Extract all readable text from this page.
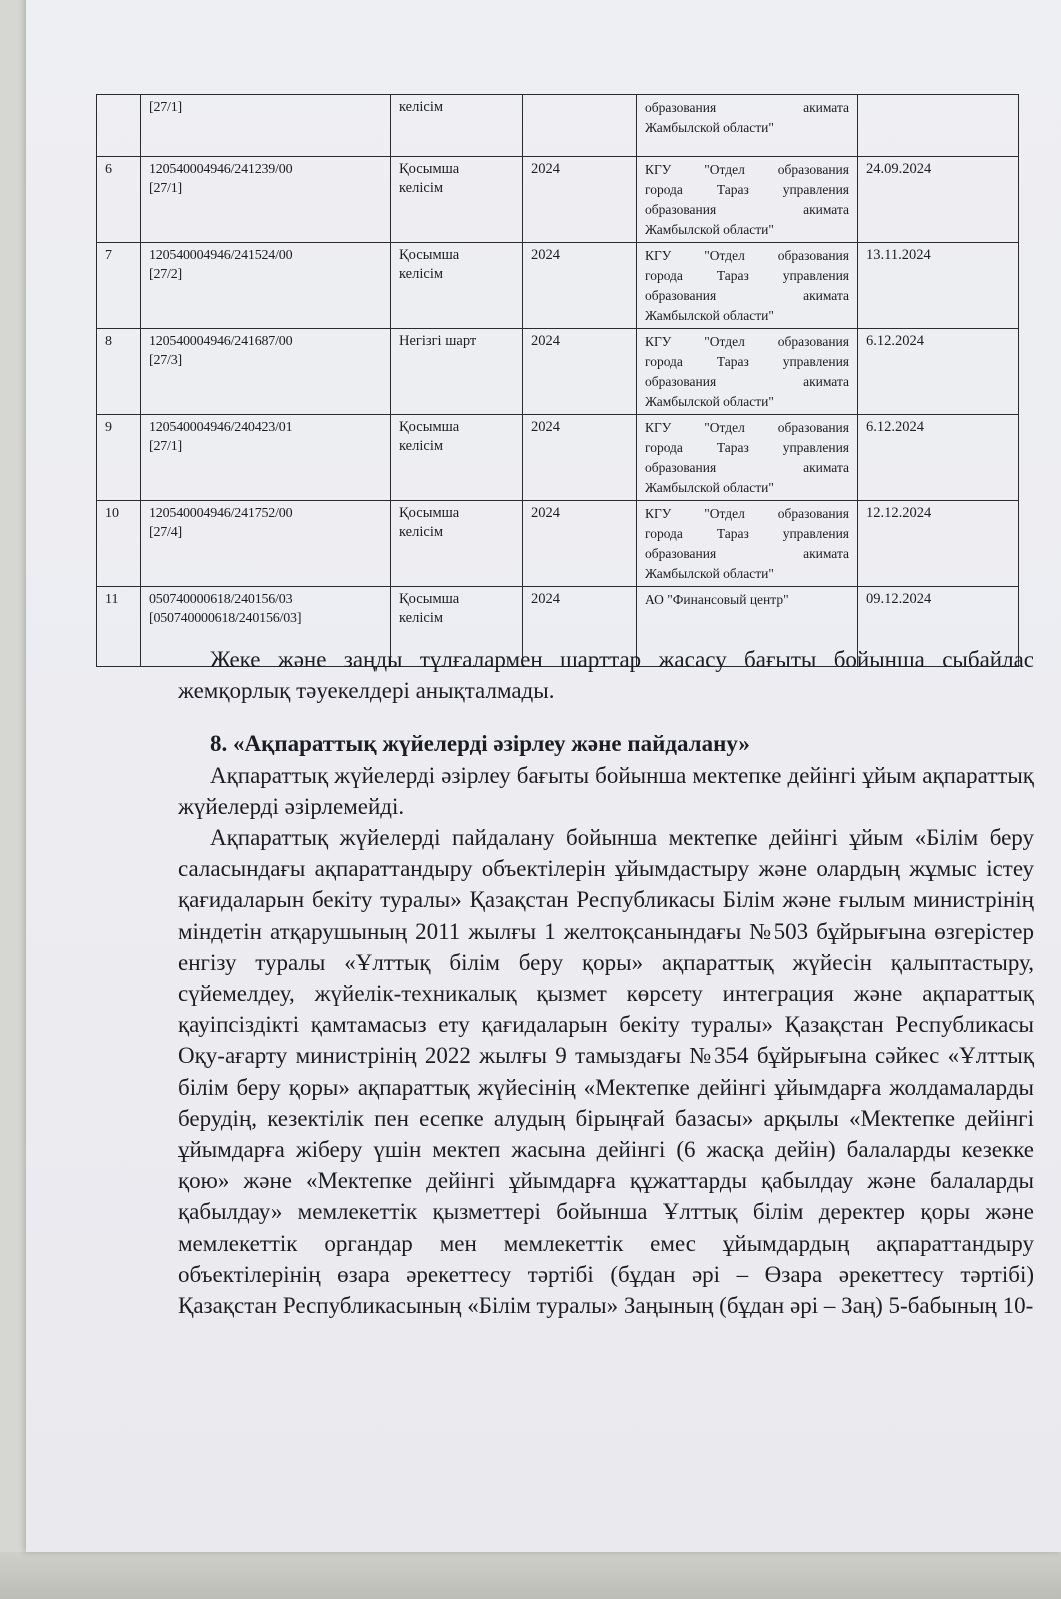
	[27/1]	келісім		образования акимата
Жамбылской области"	

6	120540004946/241239/00
[27/1]	Қосымша
келісім	2024	КГУ "Отдел образования
города Тараз управления
образования акимата
Жамбылской области"	24.09.2024
7	120540004946/241524/00
[27/2]	Қосымша
келісім	2024	КГУ "Отдел образования
города Тараз управления
образования акимата
Жамбылской области"	13.11.2024
8	120540004946/241687/00
[27/3]	Негізгі шарт	2024	КГУ "Отдел образования
города Тараз управления
образования акимата
Жамбылской области"	6.12.2024
9	120540004946/240423/01
[27/1]	Қосымша
келісім	2024	КГУ "Отдел образования
города Тараз управления
образования акимата
Жамбылской области"	6.12.2024
10	120540004946/241752/00
[27/4]	Қосымша
келісім	2024	КГУ "Отдел образования
города Тараз управления
образования акимата
Жамбылской области"	12.12.2024
11	050740000618/240156/03
[050740000618/240156/03]	Қосымша
келісім	2024	АО "Финансовый центр"	09.12.2024

Жеке және заңды тұлғалармен шарттар жасасу бағыты бойынша сыбайлас жемқорлық тәуекелдері анықталмады.

8. «Ақпараттық жүйелерді әзірлеу және пайдалану»

Ақпараттық жүйелерді әзірлеу бағыты бойынша мектепке дейінгі ұйым ақпараттық жүйелерді әзірлемейді.

Ақпараттық жүйелерді пайдалану бойынша мектепке дейінгі ұйым «Білім беру саласындағы ақпараттандыру объектілерін ұйымдастыру және олардың жұмыс істеу қағидаларын бекіту туралы» Қазақстан Республикасы Білім және ғылым министрінің міндетін атқарушының 2011 жылғы 1 желтоқсанындағы №503 бұйрығына өзгерістер енгізу туралы «Ұлттық білім беру қоры» ақпараттық жүйесін қалыптастыру, сүйемелдеу, жүйелік-техникалық қызмет көрсету интеграция және ақпараттық қауіпсіздікті қамтамасыз ету қағидаларын бекіту туралы» Қазақстан Республикасы Оқу-ағарту министрінің 2022 жылғы 9 тамыздағы №354 бұйрығына сәйкес «Ұлттық білім беру қоры» ақпараттық жүйесінің «Мектепке дейінгі ұйымдарға жолдамаларды берудің, кезектілік пен есепке алудың бірыңғай базасы» арқылы «Мектепке дейінгі ұйымдарға жіберу үшін мектеп жасына дейінгі (6 жасқа дейін) балаларды кезекке қою» және «Мектепке дейінгі ұйымдарға құжаттарды қабылдау және балаларды қабылдау» мемлекеттік қызметтері бойынша Ұлттық білім деректер қоры және мемлекеттік органдар мен мемлекеттік емес ұйымдардың ақпараттандыру объектілерінің өзара әрекеттесу тәртібі (бұдан әрі – Өзара әрекеттесу тәртібі) Қазақстан Республикасының «Білім туралы» Заңының (бұдан әрі – Заң) 5-бабының 10-
